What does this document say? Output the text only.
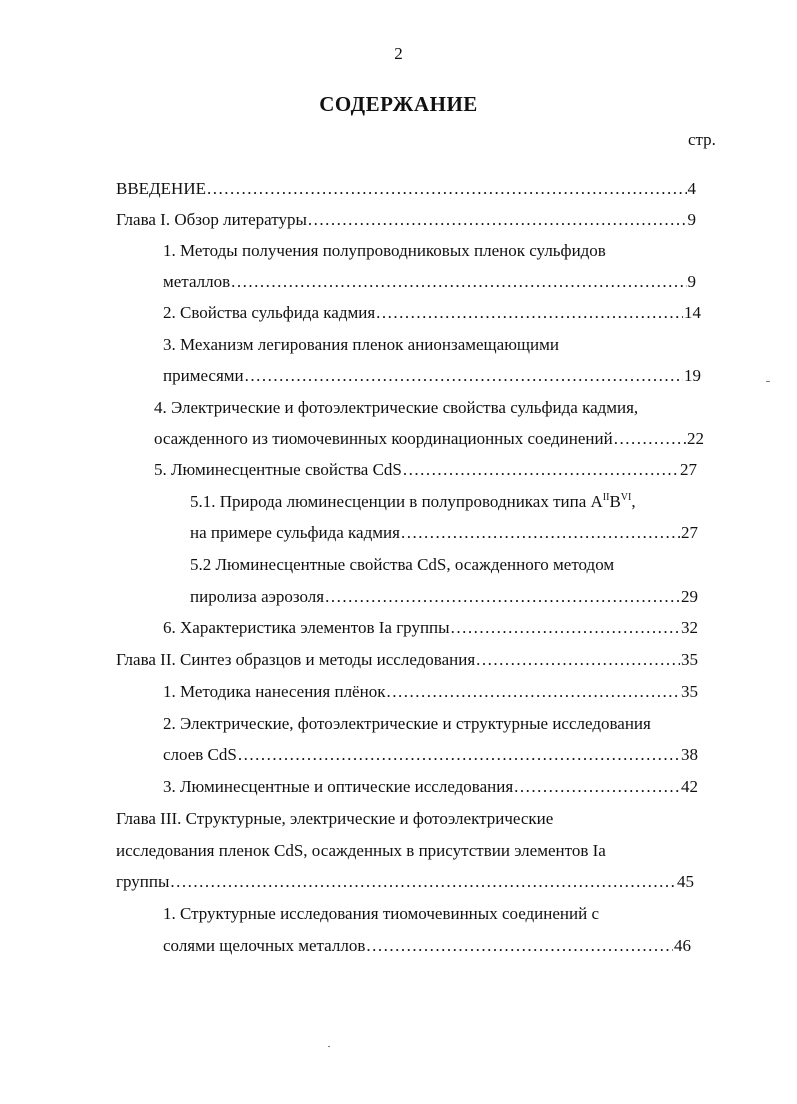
2
СОДЕРЖАНИЕ
стр.
ВВЕДЕНИЕ .....	4
Глава I. Обзор литературы .....	9
1. Методы получения полупроводниковых пленок сульфидов
металлов .....	9
2. Свойства сульфида кадмия .....	14
3. Механизм легирования пленок анионзамещающими
примесями .....	19
4. Электрические и фотоэлектрические свойства сульфида кадмия,
осажденного из тиомочевинных координационных соединений .....	22
5. Люминесцентные свойства CdS .....	27
5.1. Природа люминесценции в полупроводниках типа $A^{II}B^{VI}$,
на примере сульфида кадмия .....	27
5.2 Люминесцентные свойства CdS, осажденного методом
пиролиза аэрозоля .....	29
6. Характеристика элементов Ia группы .....	32
Глава II. Синтез образцов и методы исследования .....	35
1. Методика нанесения плёнок .....	35
2. Электрические, фотоэлектрические и структурные исследования
слоев CdS .....	38
3. Люминесцентные и оптические исследования .....	42
Глава III. Структурные, электрические и фотоэлектрические
исследования пленок CdS, осажденных в присутствии элементов Ia
группы .....	45
1. Структурные исследования тиомочевинных соединений с
солями щелочных металлов .....	46
